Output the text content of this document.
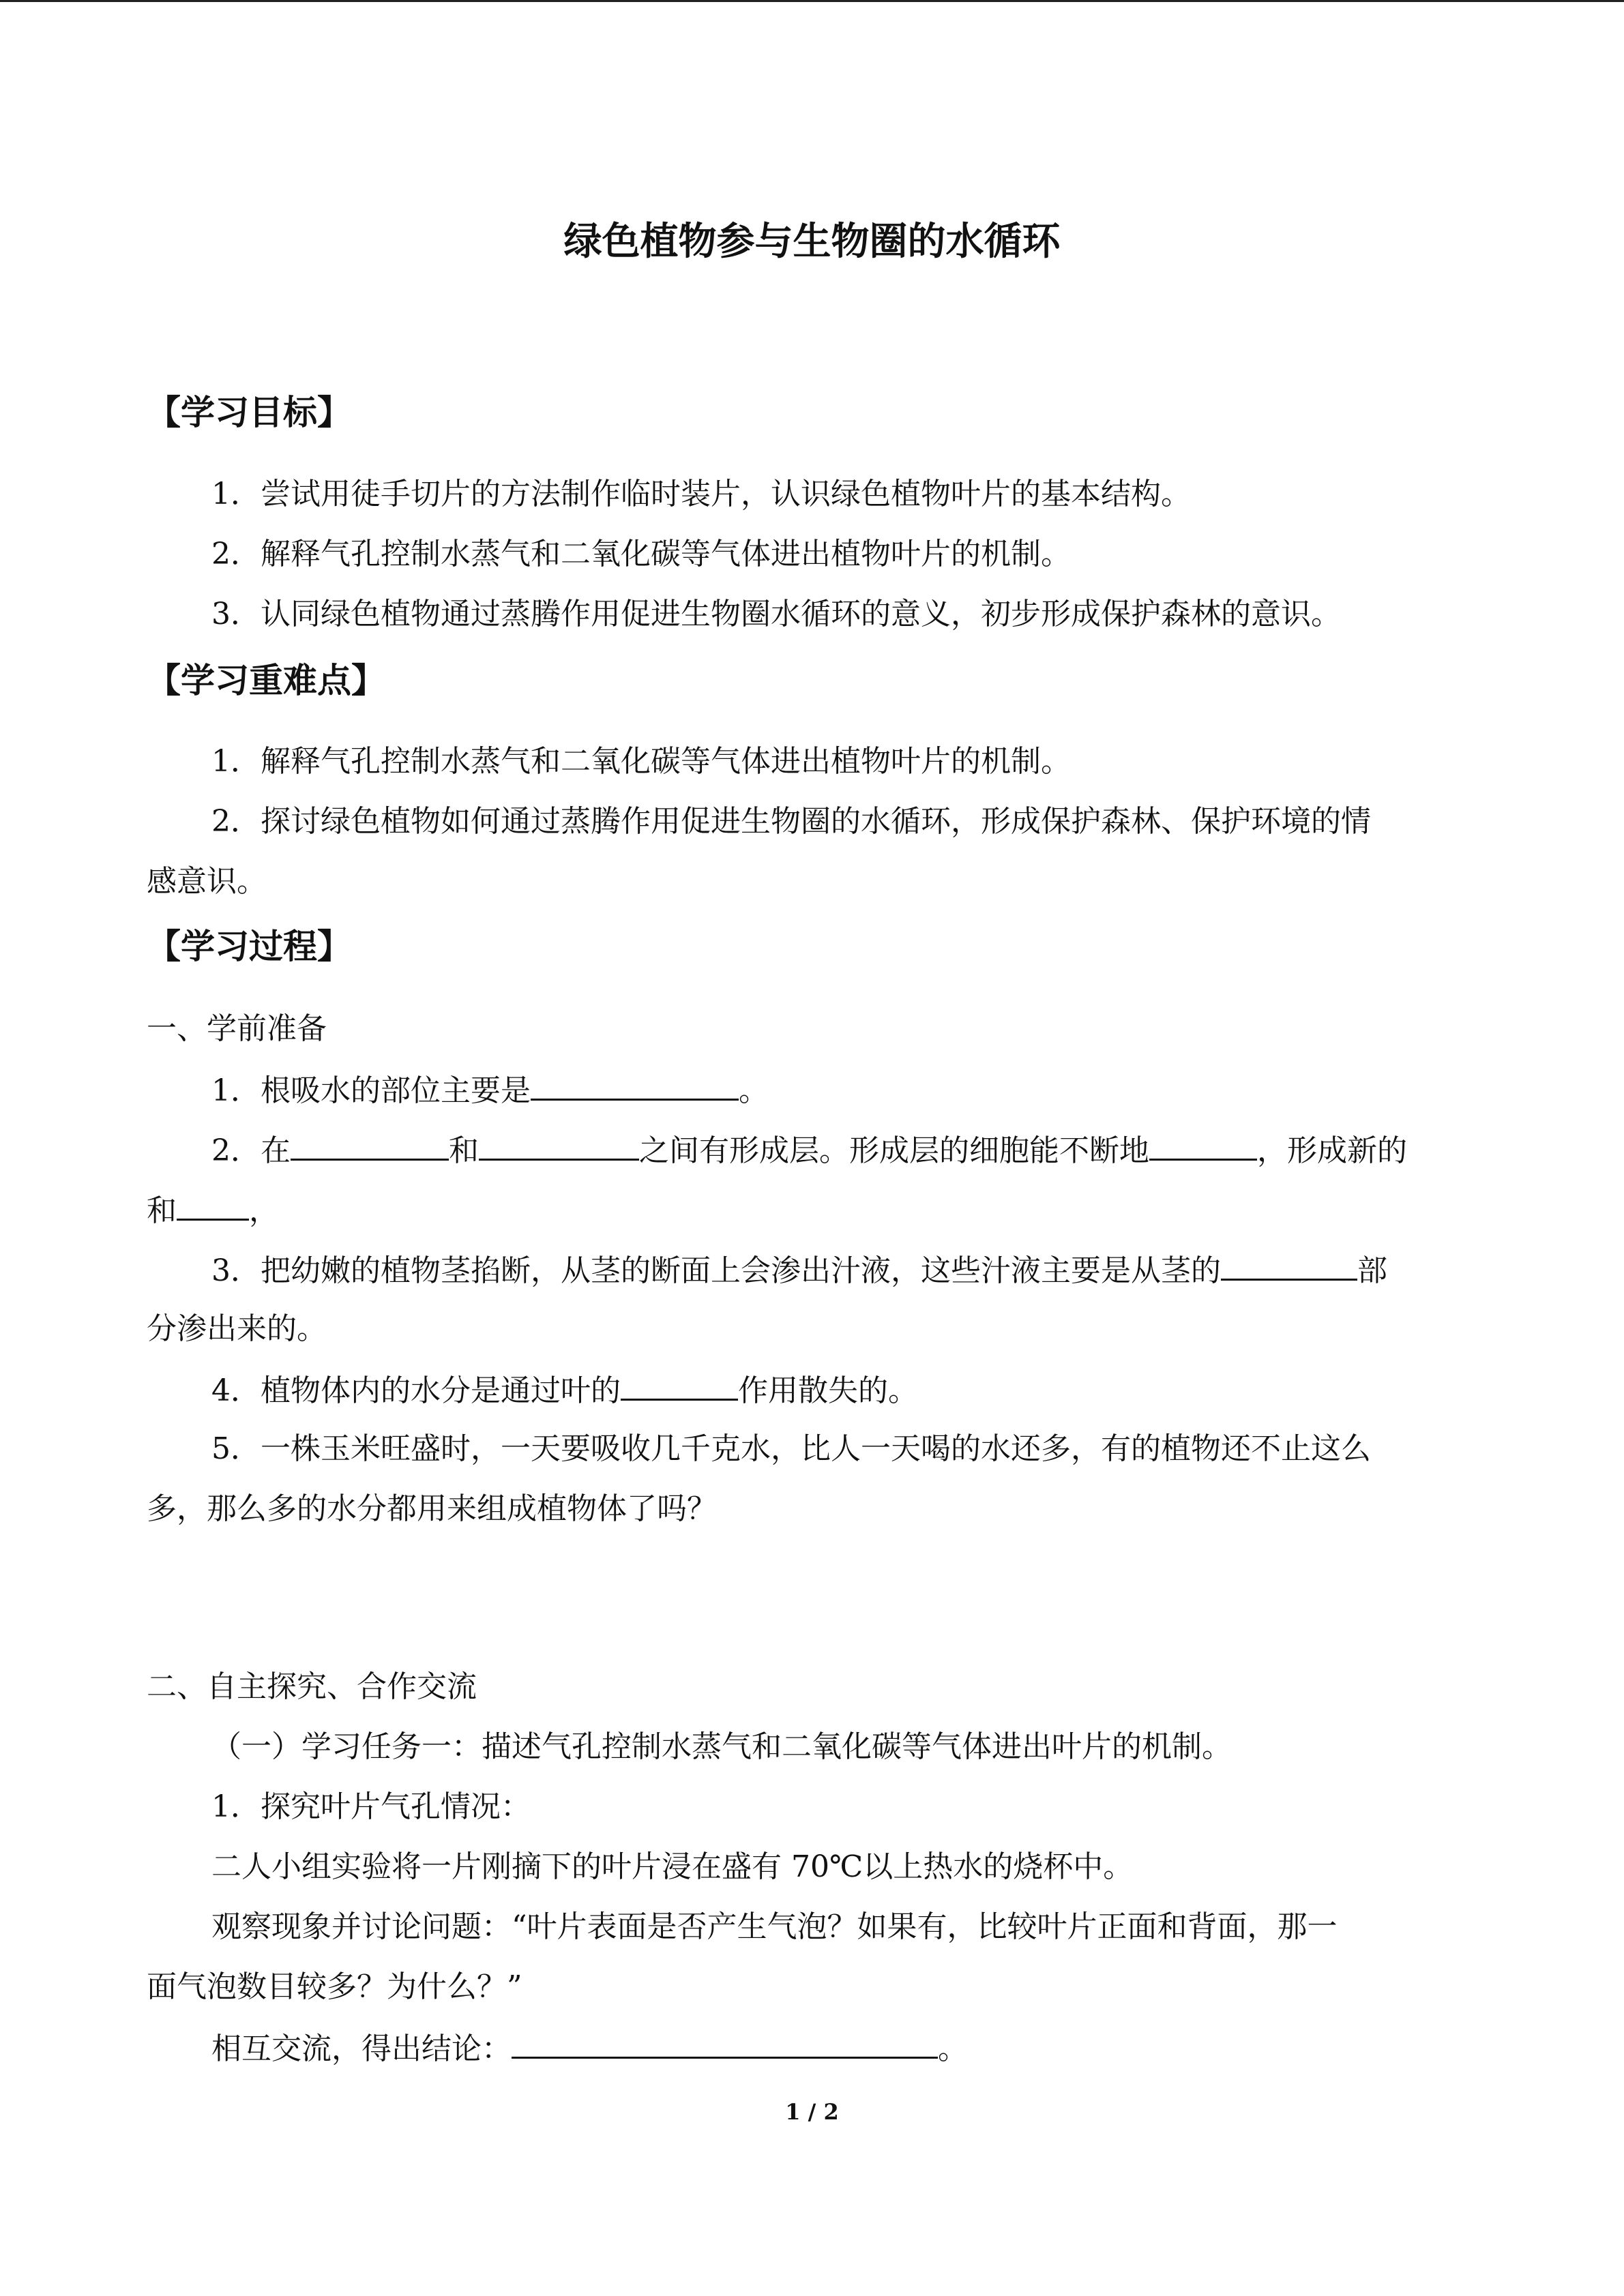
绿色植物参与生物圈的水循环
【学习目标】
1．尝试用徒手切片的方法制作临时装片，认识绿色植物叶片的基本结构。
2．解释气孔控制水蒸气和二氧化碳等气体进出植物叶片的机制。
3．认同绿色植物通过蒸腾作用促进生物圈水循环的意义，初步形成保护森林的意识。
【学习重难点】
1．解释气孔控制水蒸气和二氧化碳等气体进出植物叶片的机制。
2．探讨绿色植物如何通过蒸腾作用促进生物圈的水循环，形成保护森林、保护环境的情
感意识。
【学习过程】
一、学前准备
1．根吸水的部位主要是	。
2．在	和	之间有形成层。形成层的细胞能不断地	，形成新的
和 ，
3．把幼嫩的植物茎掐断，从茎的断面上会渗出汁液，这些汁液主要是从茎的	部
分渗出来的。
4．植物体内的水分是通过叶的	作用散失的。
5．一株玉米旺盛时，一天要吸收几千克水，比人一天喝的水还多，有的植物还不止这么
多，那么多的水分都用来组成植物体了吗？
二、自主探究、合作交流
（一）学习任务一：描述气孔控制水蒸气和二氧化碳等气体进出叶片的机制。
1．探究叶片气孔情况：
二人小组实验将一片刚摘下的叶片浸在盛有 70℃以上热水的烧杯中。
观察现象并讨论问题：“叶片表面是否产生气泡？如果有，比较叶片正面和背面，那一
面气泡数目较多？为什么？”
相互交流，得出结论：	。
1 / 2
